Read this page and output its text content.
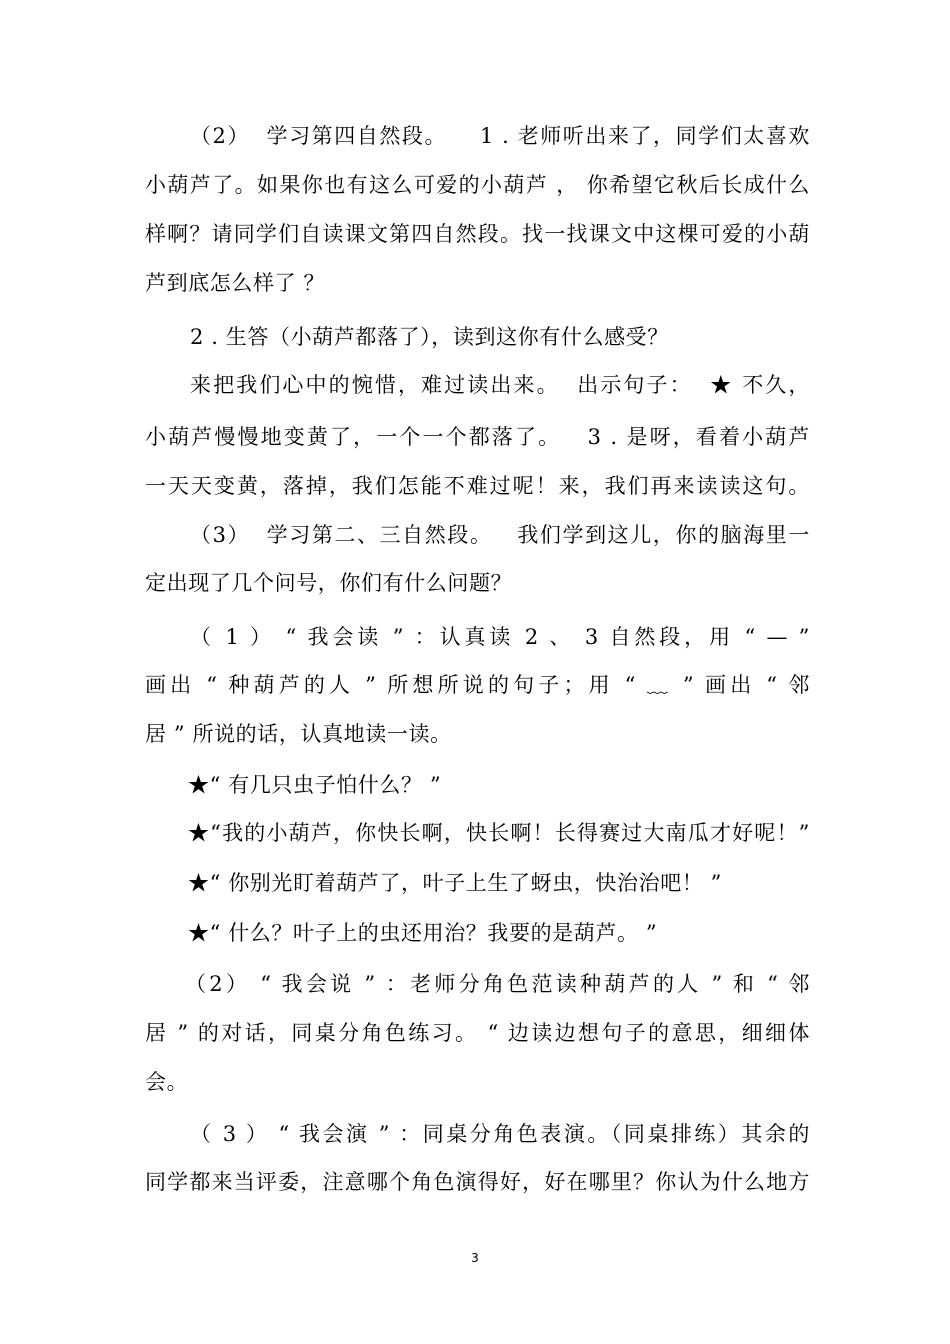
（2）  学习第四自然段。    1 . 老师听出来了，同学们太喜欢

小葫芦了。如果你也有这么可爱的小葫芦 ， 你希望它秋后长成什么

样啊？请同学们自读课文第四自然段。找一找课文中这棵可爱的小葫

芦到底怎么样了 ？

2 . 生答（小葫芦都落了），读到这你有什么感受？

来把我们心中的惋惜，难过读出来。  出示句子：  ★ 不久，

小葫芦慢慢地变黄了，一个一个都落了。   3 . 是呀，看着小葫芦

一天天变黄，落掉，我们怎能不难过呢！来，我们再来读读这句。

（3）  学习第二、三自然段。   我们学到这儿，你的脑海里一

定出现了几个问号，你们有什么问题？

（ 1 ） “ 我会读 ” ：认真读 2 、 3 自然段，用 “ — ”

画出 “ 种葫芦的人 ” 所想所说的句子；用 “ ﹏ ” 画出 “ 邻

居 ” 所说的话，认真地读一读。

★“ 有几只虫子怕什么？ ”

★“我的小葫芦，你快长啊，快长啊！长得赛过大南瓜才好呢！”

★“ 你别光盯着葫芦了，叶子上生了蚜虫，快治治吧！ ”

★“ 什么？叶子上的虫还用治？我要的是葫芦。 ”

（2） “ 我会说 ” ：老师分角色范读种葫芦的人 ” 和 “ 邻

居 ” 的对话，同桌分角色练习。 “ 边读边想句子的意思，细细体

会。

（ 3 ） “ 我会演 ” ：同桌分角色表演。（同桌排练）其余的

同学都来当评委，注意哪个角色演得好，好在哪里？你认为什么地方

3
